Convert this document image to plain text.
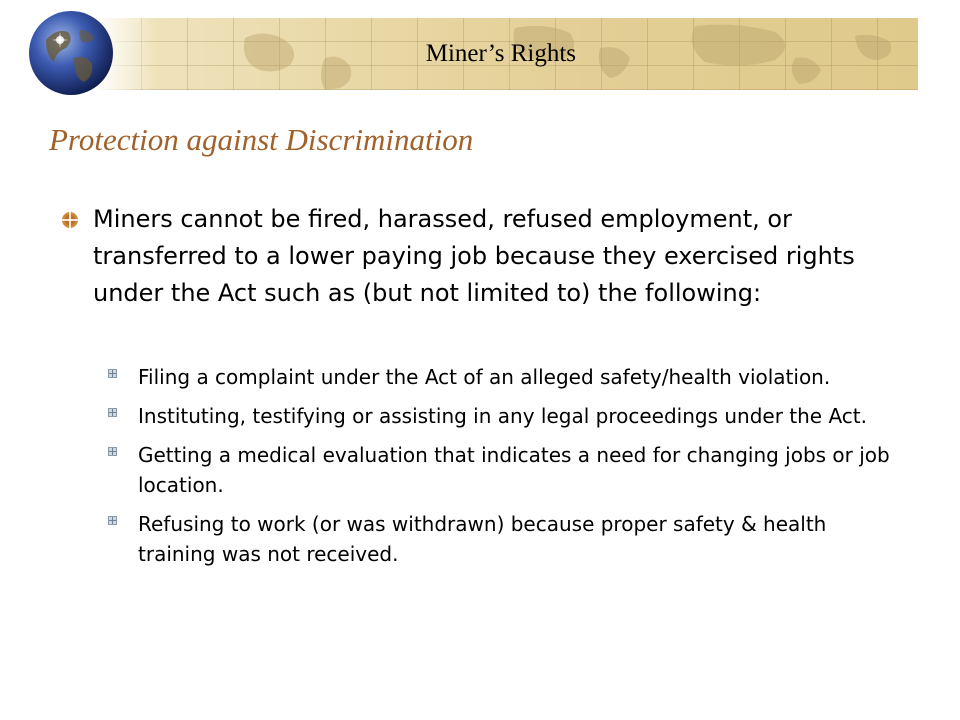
Miner’s Rights
Protection against Discrimination
Miners cannot be fired, harassed, refused employment, or transferred to a lower paying job because they exercised rights under the Act such as (but not limited to) the following:
Filing a complaint under the Act of an alleged safety/health violation.
Instituting, testifying or assisting in any legal proceedings under the Act.
Getting a medical evaluation that indicates a need for changing jobs or job location.
Refusing to work (or was withdrawn) because proper safety & health training was not received.
